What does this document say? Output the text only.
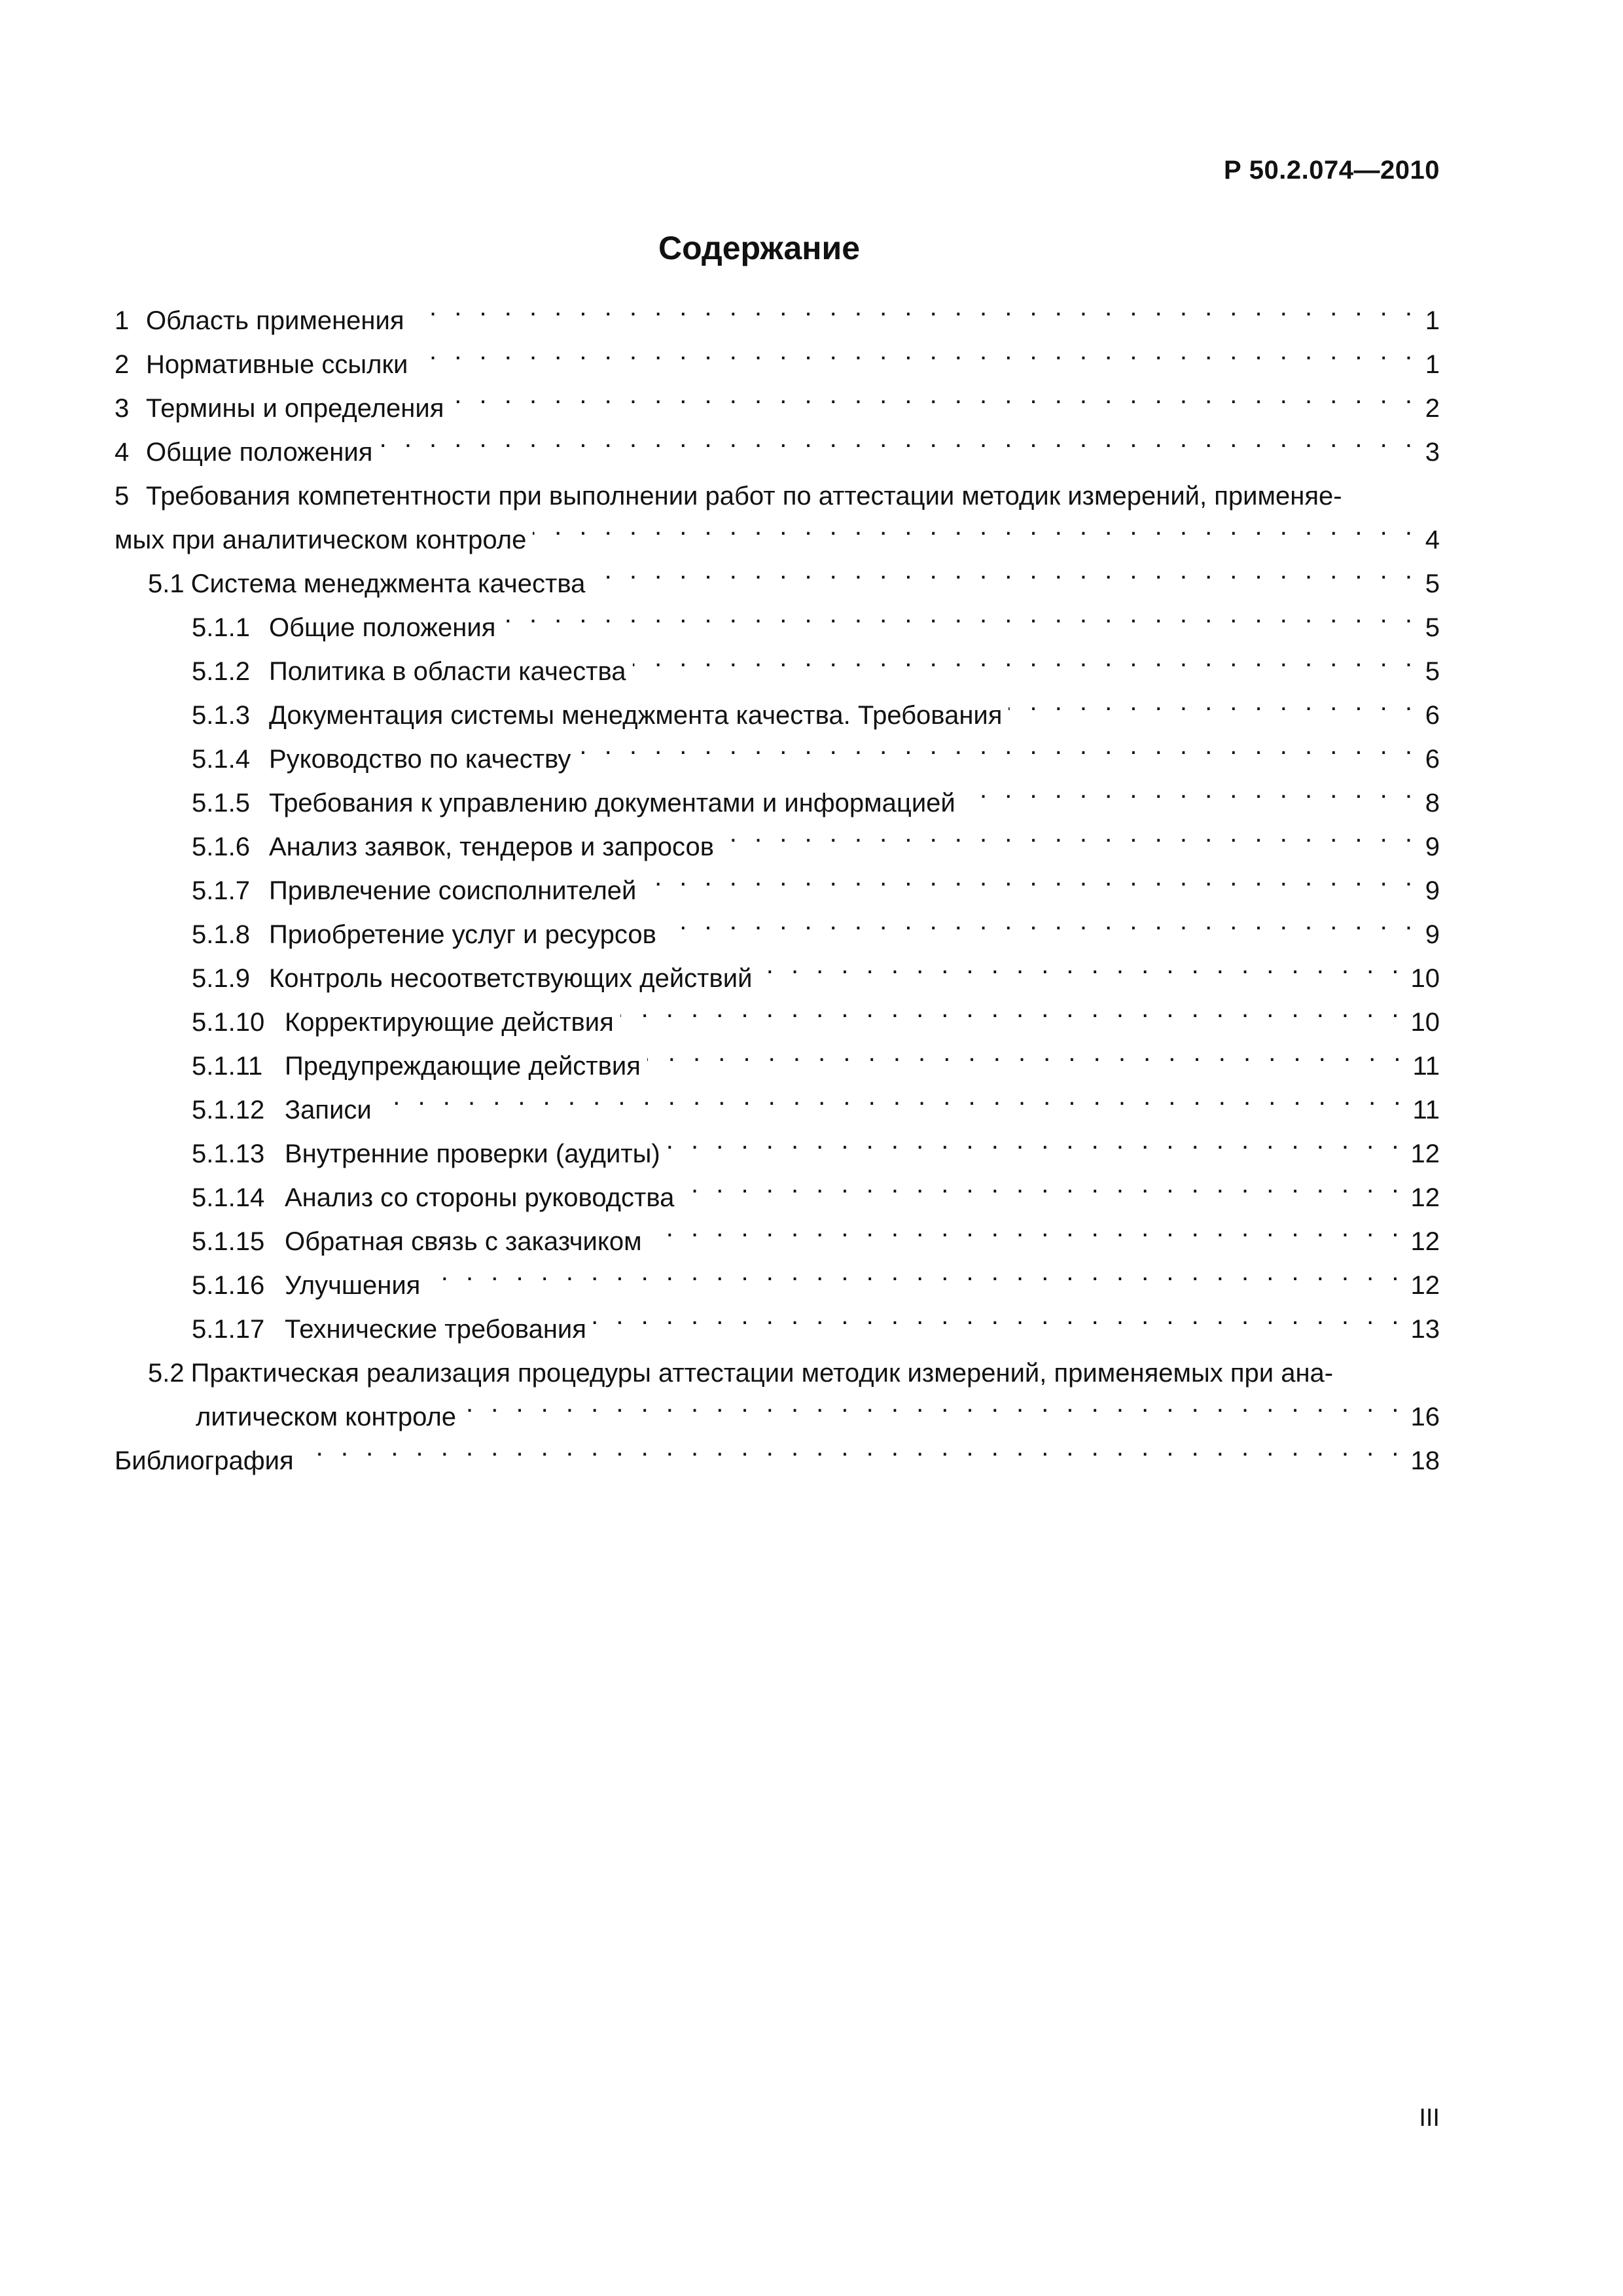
Р 50.2.074—2010
Содержание
1 Область применения . . .	1
2 Нормативные ссылки . . .	1
3 Термины и определения . . .	2
4 Общие положения . . .	3
5 Требования компетентности при выполнении работ по аттестации методик измерений, применяе-
мых при аналитическом контроле . . .	4
5.1 Система менеджмента качества . . .	5
5.1.1 Общие положения . . .	5
5.1.2 Политика в области качества . . .	5
5.1.3 Документация системы менеджмента качества. Требования . . .	6
5.1.4 Руководство по качеству . . .	6
5.1.5 Требования к управлению документами и информацией . . .	8
5.1.6 Анализ заявок, тендеров и запросов . . .	9
5.1.7 Привлечение соисполнителей . . .	9
5.1.8 Приобретение услуг и ресурсов . . .	9
5.1.9 Контроль несоответствующих действий . . .	10
5.1.10 Корректирующие действия . . .	10
5.1.11 Предупреждающие действия . . .	11
5.1.12 Записи . . .	11
5.1.13 Внутренние проверки (аудиты) . . .	12
5.1.14 Анализ со стороны руководства . . .	12
5.1.15 Обратная связь с заказчиком . . .	12
5.1.16 Улучшения . . .	12
5.1.17 Технические требования . . .	13
5.2 Практическая реализация процедуры аттестации методик измерений, применяемых при ана-
литическом контроле . . .	16
Библиография . . .	18
III
